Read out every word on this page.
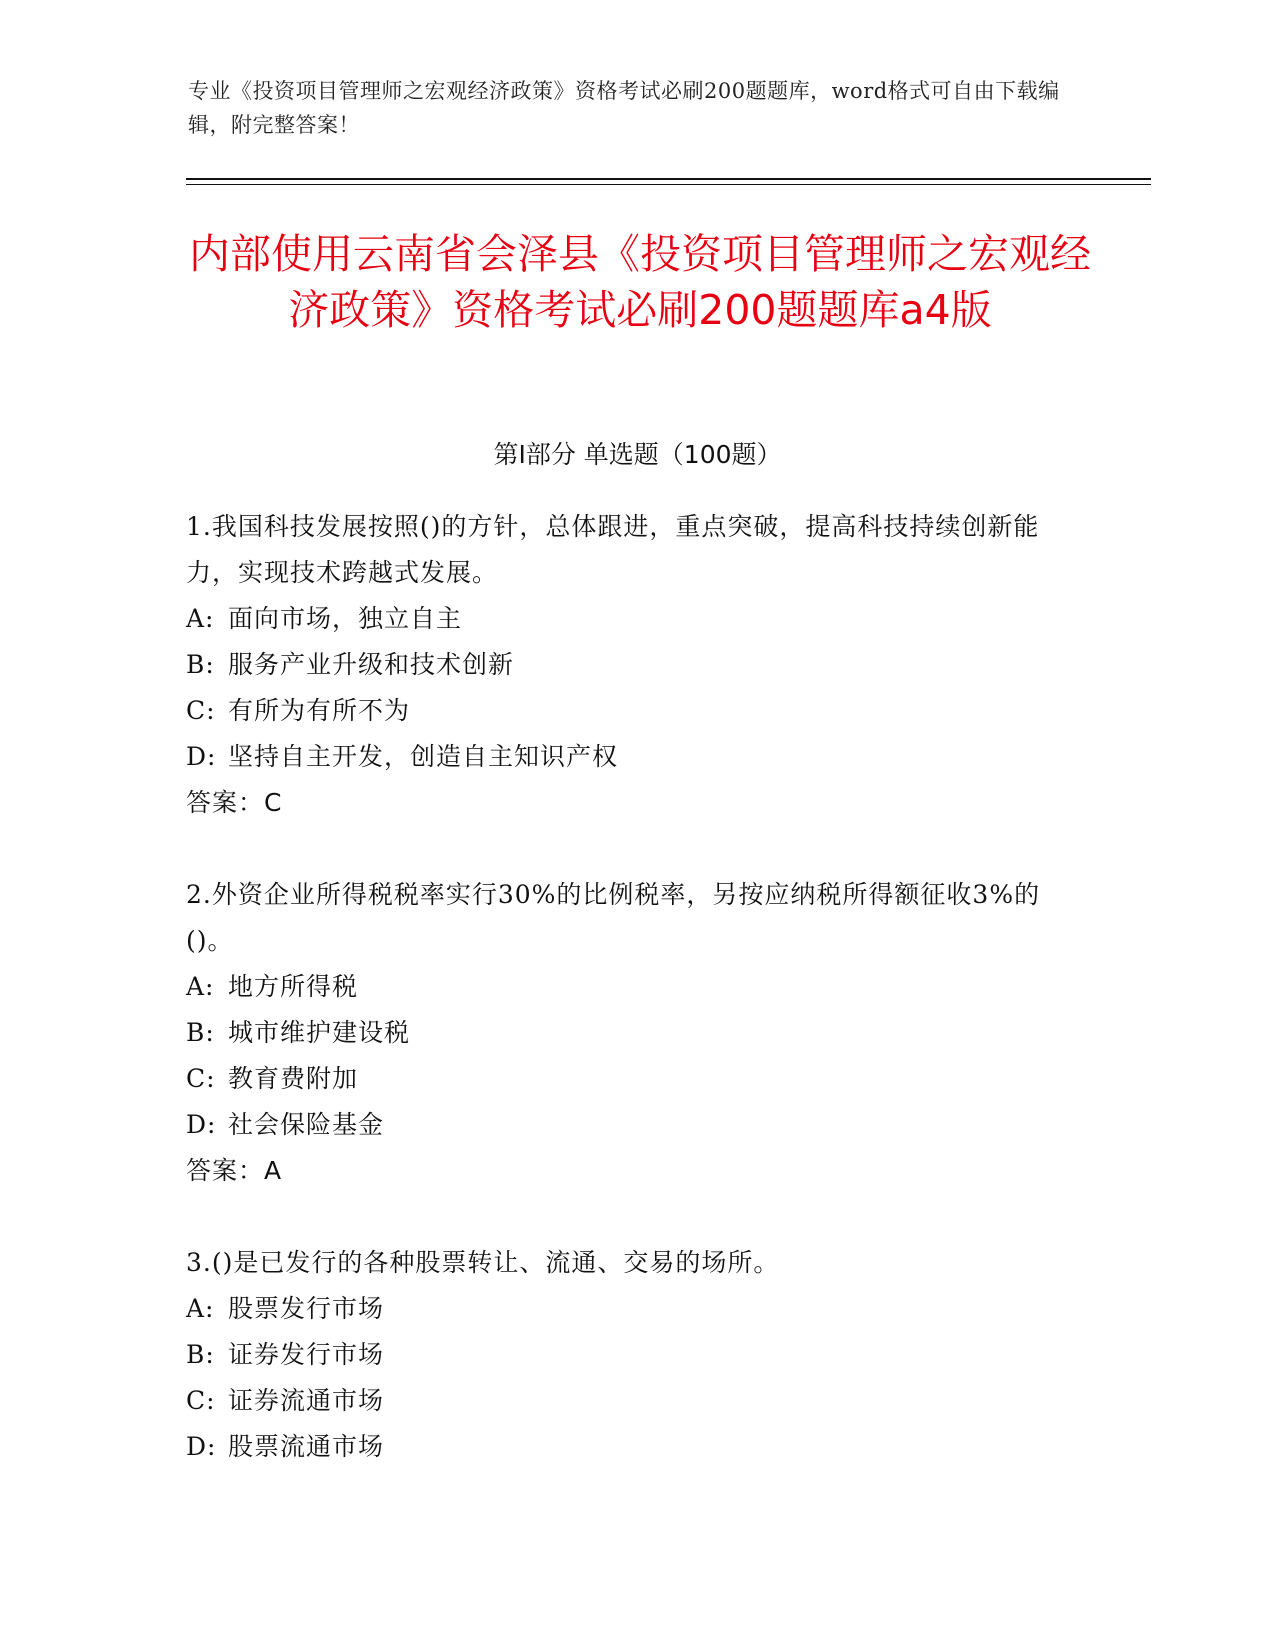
专业《投资项目管理师之宏观经济政策》资格考试必刷200题题库，word格式可自由下载编辑，附完整答案！
内部使用云南省会泽县《投资项目管理师之宏观经济政策》资格考试必刷200题题库a4版
第Ⅰ部分 单选题（100题）
1.我国科技发展按照()的方针，总体跟进，重点突破，提高科技持续创新能力，实现技术跨越式发展。
A: 面向市场，独立自主
B: 服务产业升级和技术创新
C: 有所为有所不为
D: 坚持自主开发，创造自主知识产权
答案：C
2.外资企业所得税税率实行30%的比例税率，另按应纳税所得额征收3%的()。
A: 地方所得税
B: 城市维护建设税
C: 教育费附加
D: 社会保险基金
答案：A
3.()是已发行的各种股票转让、流通、交易的场所。
A: 股票发行市场
B: 证券发行市场
C: 证券流通市场
D: 股票流通市场
